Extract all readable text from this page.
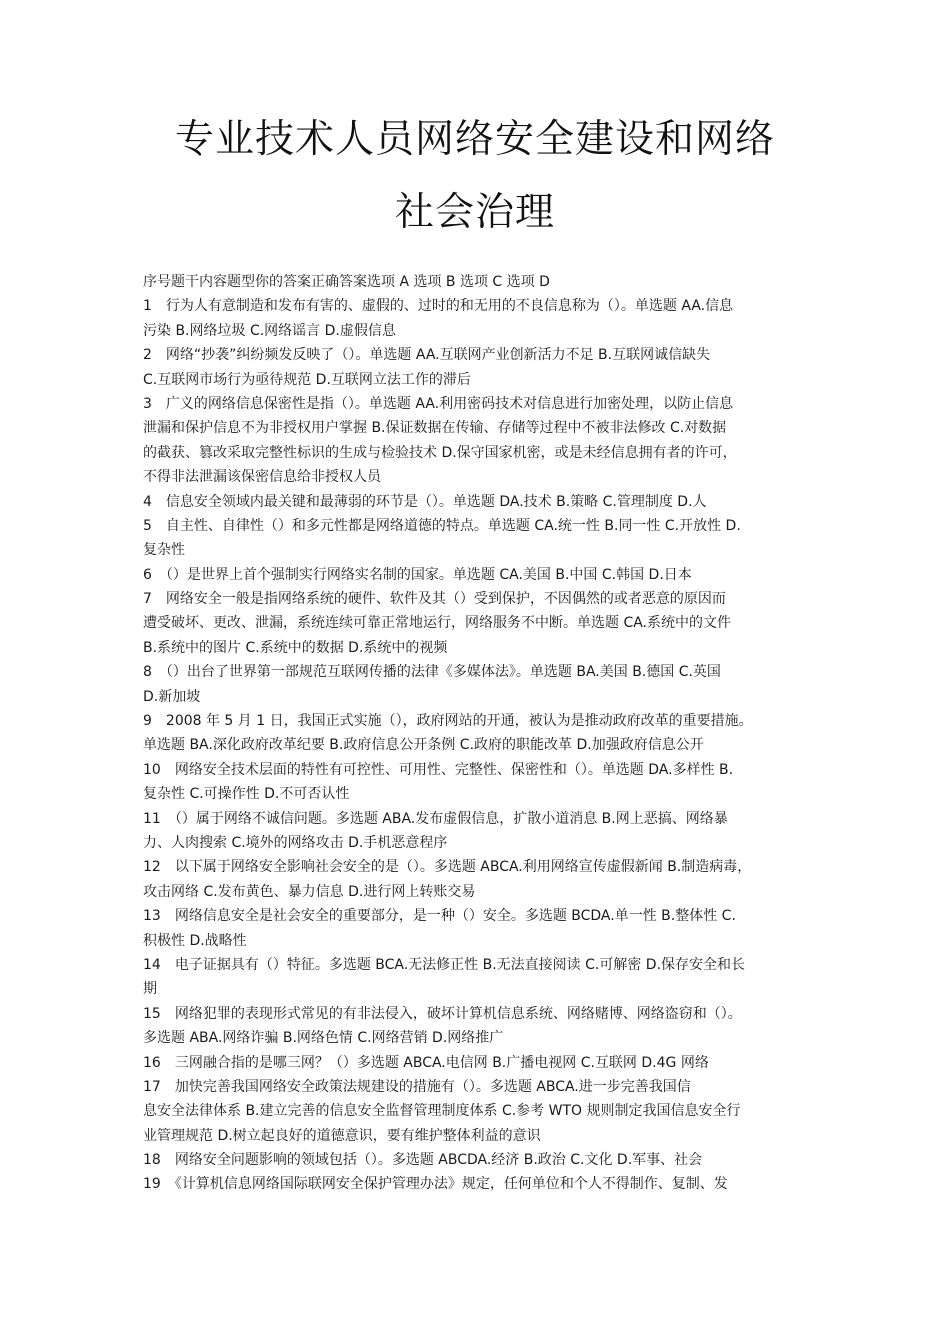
专业技术人员网络安全建设和网络
社会治理
序号题干内容题型你的答案正确答案选项 A 选项 B 选项 C 选项 D
1　行为人有意制造和发布有害的、虚假的、过时的和无用的不良信息称为（）。单选题 AA.信息
污染 B.网络垃圾 C.网络谣言 D.虚假信息
2　网络“抄袭”纠纷频发反映了（）。单选题 AA.互联网产业创新活力不足 B.互联网诚信缺失
C.互联网市场行为亟待规范 D.互联网立法工作的滞后
3　广义的网络信息保密性是指（）。单选题 AA.利用密码技术对信息进行加密处理，以防止信息
泄漏和保护信息不为非授权用户掌握 B.保证数据在传输、存储等过程中不被非法修改 C.对数据
的截获、篡改采取完整性标识的生成与检验技术 D.保守国家机密，或是未经信息拥有者的许可，
不得非法泄漏该保密信息给非授权人员
4　信息安全领域内最关键和最薄弱的环节是（）。单选题 DA.技术 B.策略 C.管理制度 D.人
5　自主性、自律性（）和多元性都是网络道德的特点。单选题 CA.统一性 B.同一性 C.开放性 D.
复杂性
6　（）是世界上首个强制实行网络实名制的国家。单选题 CA.美国 B.中国 C.韩国 D.日本
7　网络安全一般是指网络系统的硬件、软件及其（）受到保护，不因偶然的或者恶意的原因而
遭受破坏、更改、泄漏，系统连续可靠正常地运行，网络服务不中断。单选题 CA.系统中的文件
B.系统中的图片 C.系统中的数据 D.系统中的视频
8　（）出台了世界第一部规范互联网传播的法律《多媒体法》。单选题 BA.美国 B.德国 C.英国
D.新加坡
9　2008 年 5 月 1 日，我国正式实施（），政府网站的开通，被认为是推动政府改革的重要措施。
单选题 BA.深化政府改革纪要 B.政府信息公开条例 C.政府的职能改革 D.加强政府信息公开
10　网络安全技术层面的特性有可控性、可用性、完整性、保密性和（）。单选题 DA.多样性 B.
复杂性 C.可操作性 D.不可否认性
11　（）属于网络不诚信问题。多选题 ABA.发布虚假信息，扩散小道消息 B.网上恶搞、网络暴
力、人肉搜索 C.境外的网络攻击 D.手机恶意程序
12　以下属于网络安全影响社会安全的是（）。多选题 ABCA.利用网络宣传虚假新闻 B.制造病毒，
攻击网络 C.发布黄色、暴力信息 D.进行网上转账交易
13　网络信息安全是社会安全的重要部分，是一种（）安全。多选题 BCDA.单一性 B.整体性 C.
积极性 D.战略性
14　电子证据具有（）特征。多选题 BCA.无法修正性 B.无法直接阅读 C.可解密 D.保存安全和长
期
15　网络犯罪的表现形式常见的有非法侵入，破坏计算机信息系统、网络赌博、网络盗窃和（）。
多选题 ABA.网络诈骗 B.网络色情 C.网络营销 D.网络推广
16　三网融合指的是哪三网？（）多选题 ABCA.电信网 B.广播电视网 C.互联网 D.4G 网络
17　加快完善我国网络安全政策法规建设的措施有（）。多选题 ABCA.进一步完善我国信
息安全法律体系 B.建立完善的信息安全监督管理制度体系 C.参考 WTO 规则制定我国信息安全行
业管理规范 D.树立起良好的道德意识，要有维护整体利益的意识
18　网络安全问题影响的领域包括（）。多选题 ABCDA.经济 B.政治 C.文化 D.军事、社会
19　《计算机信息网络国际联网安全保护管理办法》规定，任何单位和个人不得制作、复制、发
